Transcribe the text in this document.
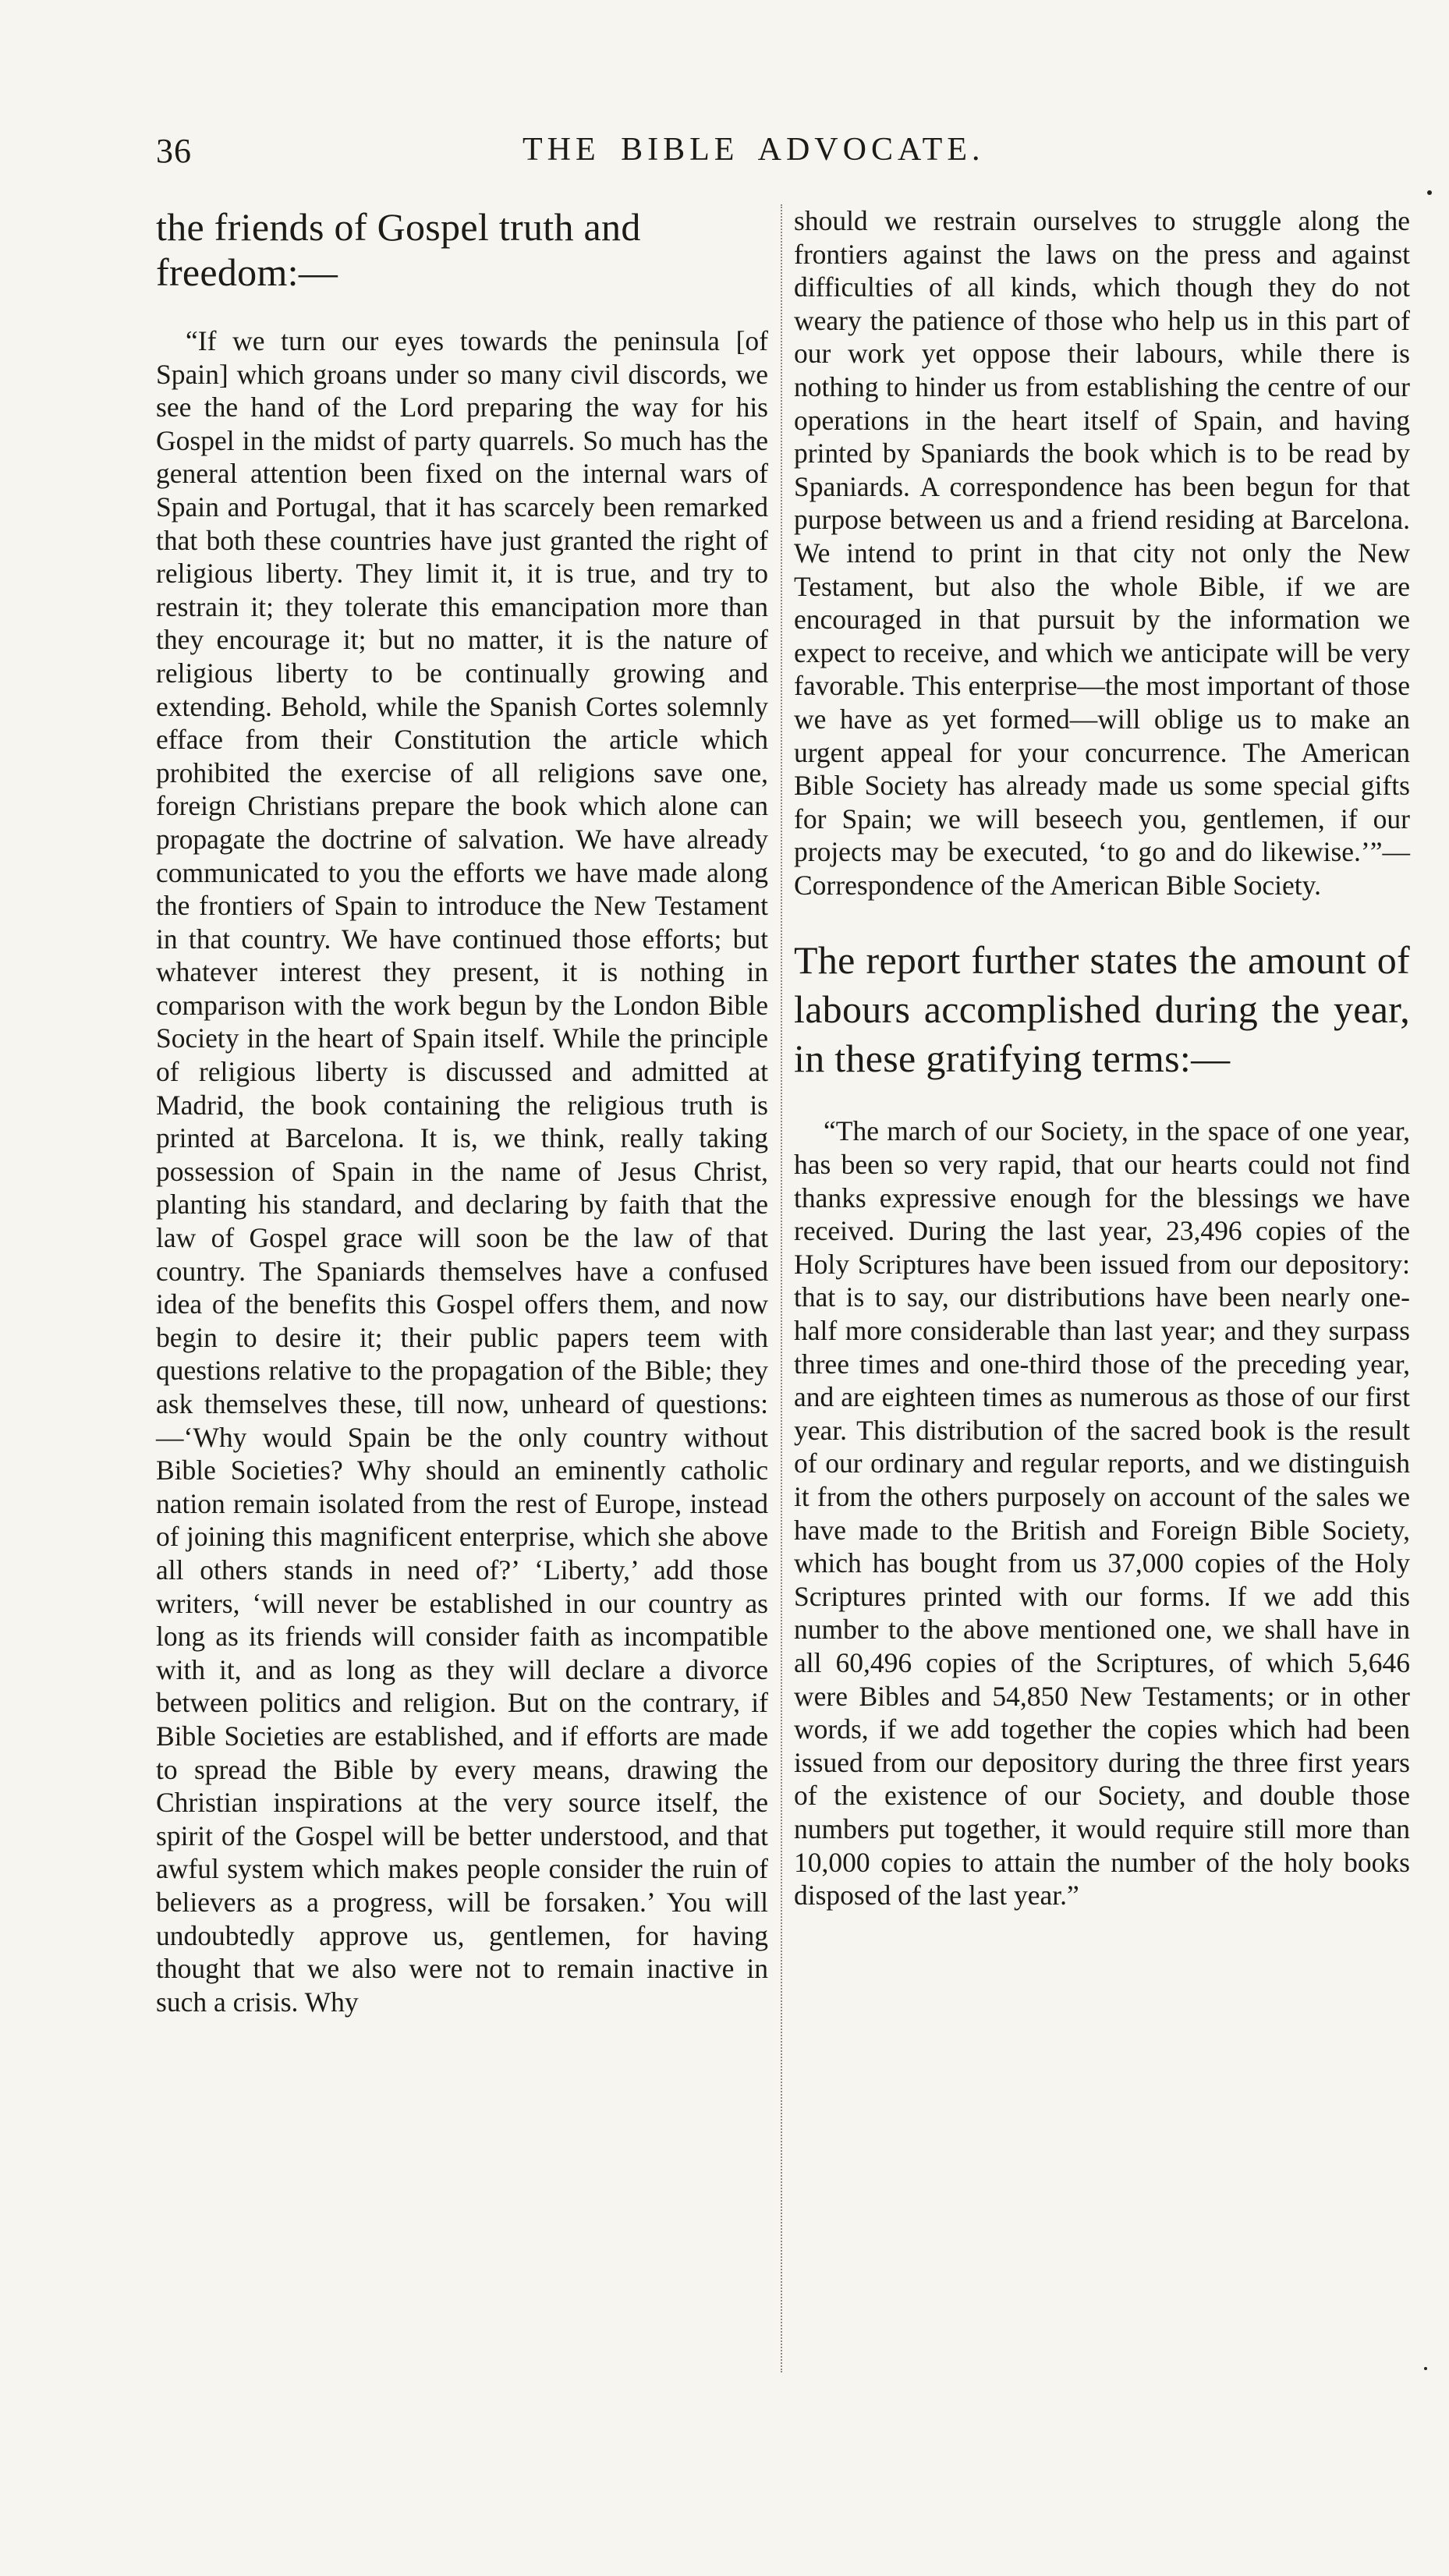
36	THE BIBLE ADVOCATE.

the friends of Gospel truth and freedom:—

“If we turn our eyes towards the peninsula [of Spain] which groans under so many civil discords, we see the hand of the Lord preparing the way for his Gospel in the midst of party quarrels. So much has the general attention been fixed on the internal wars of Spain and Portugal, that it has scarcely been remarked that both these countries have just granted the right of religious liberty. They limit it, it is true, and try to restrain it; they tolerate this emancipation more than they encourage it; but no matter, it is the nature of religious liberty to be continually growing and extending. Behold, while the Spanish Cortes solemnly efface from their Constitution the article which prohibited the exercise of all religions save one, foreign Christians prepare the book which alone can propagate the doctrine of salvation. We have already communicated to you the efforts we have made along the frontiers of Spain to introduce the New Testament in that country. We have continued those efforts; but whatever interest they present, it is nothing in comparison with the work begun by the London Bible Society in the heart of Spain itself. While the principle of religious liberty is discussed and admitted at Madrid, the book containing the religious truth is printed at Barcelona. It is, we think, really taking possession of Spain in the name of Jesus Christ, planting his standard, and declaring by faith that the law of Gospel grace will soon be the law of that country. The Spaniards themselves have a confused idea of the benefits this Gospel offers them, and now begin to desire it; their public papers teem with questions relative to the propagation of the Bible; they ask themselves these, till now, unheard of questions:—‘Why would Spain be the only country without Bible Societies? Why should an eminently catholic nation remain isolated from the rest of Europe, instead of joining this magnificent enterprise, which she above all others stands in need of?’ ‘Liberty,’ add those writers, ‘will never be established in our country as long as its friends will consider faith as incompatible with it, and as long as they will declare a divorce between politics and religion. But on the contrary, if Bible Societies are established, and if efforts are made to spread the Bible by every means, drawing the Christian inspirations at the very source itself, the spirit of the Gospel will be better understood, and that awful system which makes people consider the ruin of believers as a progress, will be forsaken.’ You will undoubtedly approve us, gentlemen, for having thought that we also were not to remain inactive in such a crisis. Why

should we restrain ourselves to struggle along the frontiers against the laws on the press and against difficulties of all kinds, which though they do not weary the patience of those who help us in this part of our work yet oppose their labours, while there is nothing to hinder us from establishing the centre of our operations in the heart itself of Spain, and having printed by Spaniards the book which is to be read by Spaniards. A correspondence has been begun for that purpose between us and a friend residing at Barcelona. We intend to print in that city not only the New Testament, but also the whole Bible, if we are encouraged in that pursuit by the information we expect to receive, and which we anticipate will be very favorable. This enterprise—the most important of those we have as yet formed—will oblige us to make an urgent appeal for your concurrence. The American Bible Society has already made us some special gifts for Spain; we will beseech you, gentlemen, if our projects may be executed, ‘to go and do likewise.’”—Correspondence of the American Bible Society.

The report further states the amount of labours accomplished during the year, in these gratifying terms:—

“The march of our Society, in the space of one year, has been so very rapid, that our hearts could not find thanks expressive enough for the blessings we have received. During the last year, 23,496 copies of the Holy Scriptures have been issued from our depository: that is to say, our distributions have been nearly one-half more considerable than last year; and they surpass three times and one-third those of the preceding year, and are eighteen times as numerous as those of our first year. This distribution of the sacred book is the result of our ordinary and regular reports, and we distinguish it from the others purposely on account of the sales we have made to the British and Foreign Bible Society, which has bought from us 37,000 copies of the Holy Scriptures printed with our forms. If we add this number to the above mentioned one, we shall have in all 60,496 copies of the Scriptures, of which 5,646 were Bibles and 54,850 New Testaments; or in other words, if we add together the copies which had been issued from our depository during the three first years of the existence of our Society, and double those numbers put together, it would require still more than 10,000 copies to attain the number of the holy books disposed of the last year.”
